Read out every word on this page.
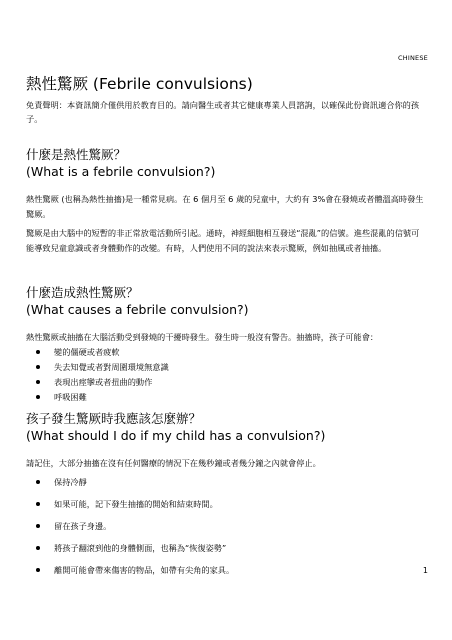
CHINESE
熱性驚厥 (Febrile convulsions)

免責聲明：本資訊簡介僅供用於教育目的。請向醫生或者其它健康專業人員諮詢，以確保此份資訊適合你的孩子。

什麼是熱性驚厥？
(What is a febrile convulsion?)

熱性驚厥 (也稱為熱性抽搐)是一種常見病。在 6 個月至 6 歲的兒童中，大約有 3%會在發燒或者體溫高時發生驚厥。

驚厥是由大腦中的短暫的非正常放電活動所引起。通時，神經細胞相互發送“混亂”的信號。進些混亂的信號可能導致兒童意識或者身體動作的改變。有時，人們使用不同的說法來表示驚厥，例如抽風或者抽搐。

什麼造成熱性驚厥？
(What causes a febrile convulsion?)

熱性驚厥或抽搐在大腦活動受到發燒的干擾時發生。發生時一般沒有警告。抽搐時，孩子可能會：

變的僵硬或者疲軟
失去知覺或者對周圍環境無意識
表現出痙攣或者扭曲的動作
呼吸困難
孩子發生驚厥時我應該怎麼辦？
(What should I do if my child has a convulsion?)

請記住，大部分抽搐在沒有任何醫療的情況下在幾秒鐘或者幾分鐘之內就會停止。

保持冷靜
如果可能，記下發生抽搐的開始和結束時間。
留在孩子身邊。
將孩子翻滾到他的身體側面，也稱為“恢復姿勢”
離開可能會帶來傷害的物品，如帶有尖角的家具。	1
